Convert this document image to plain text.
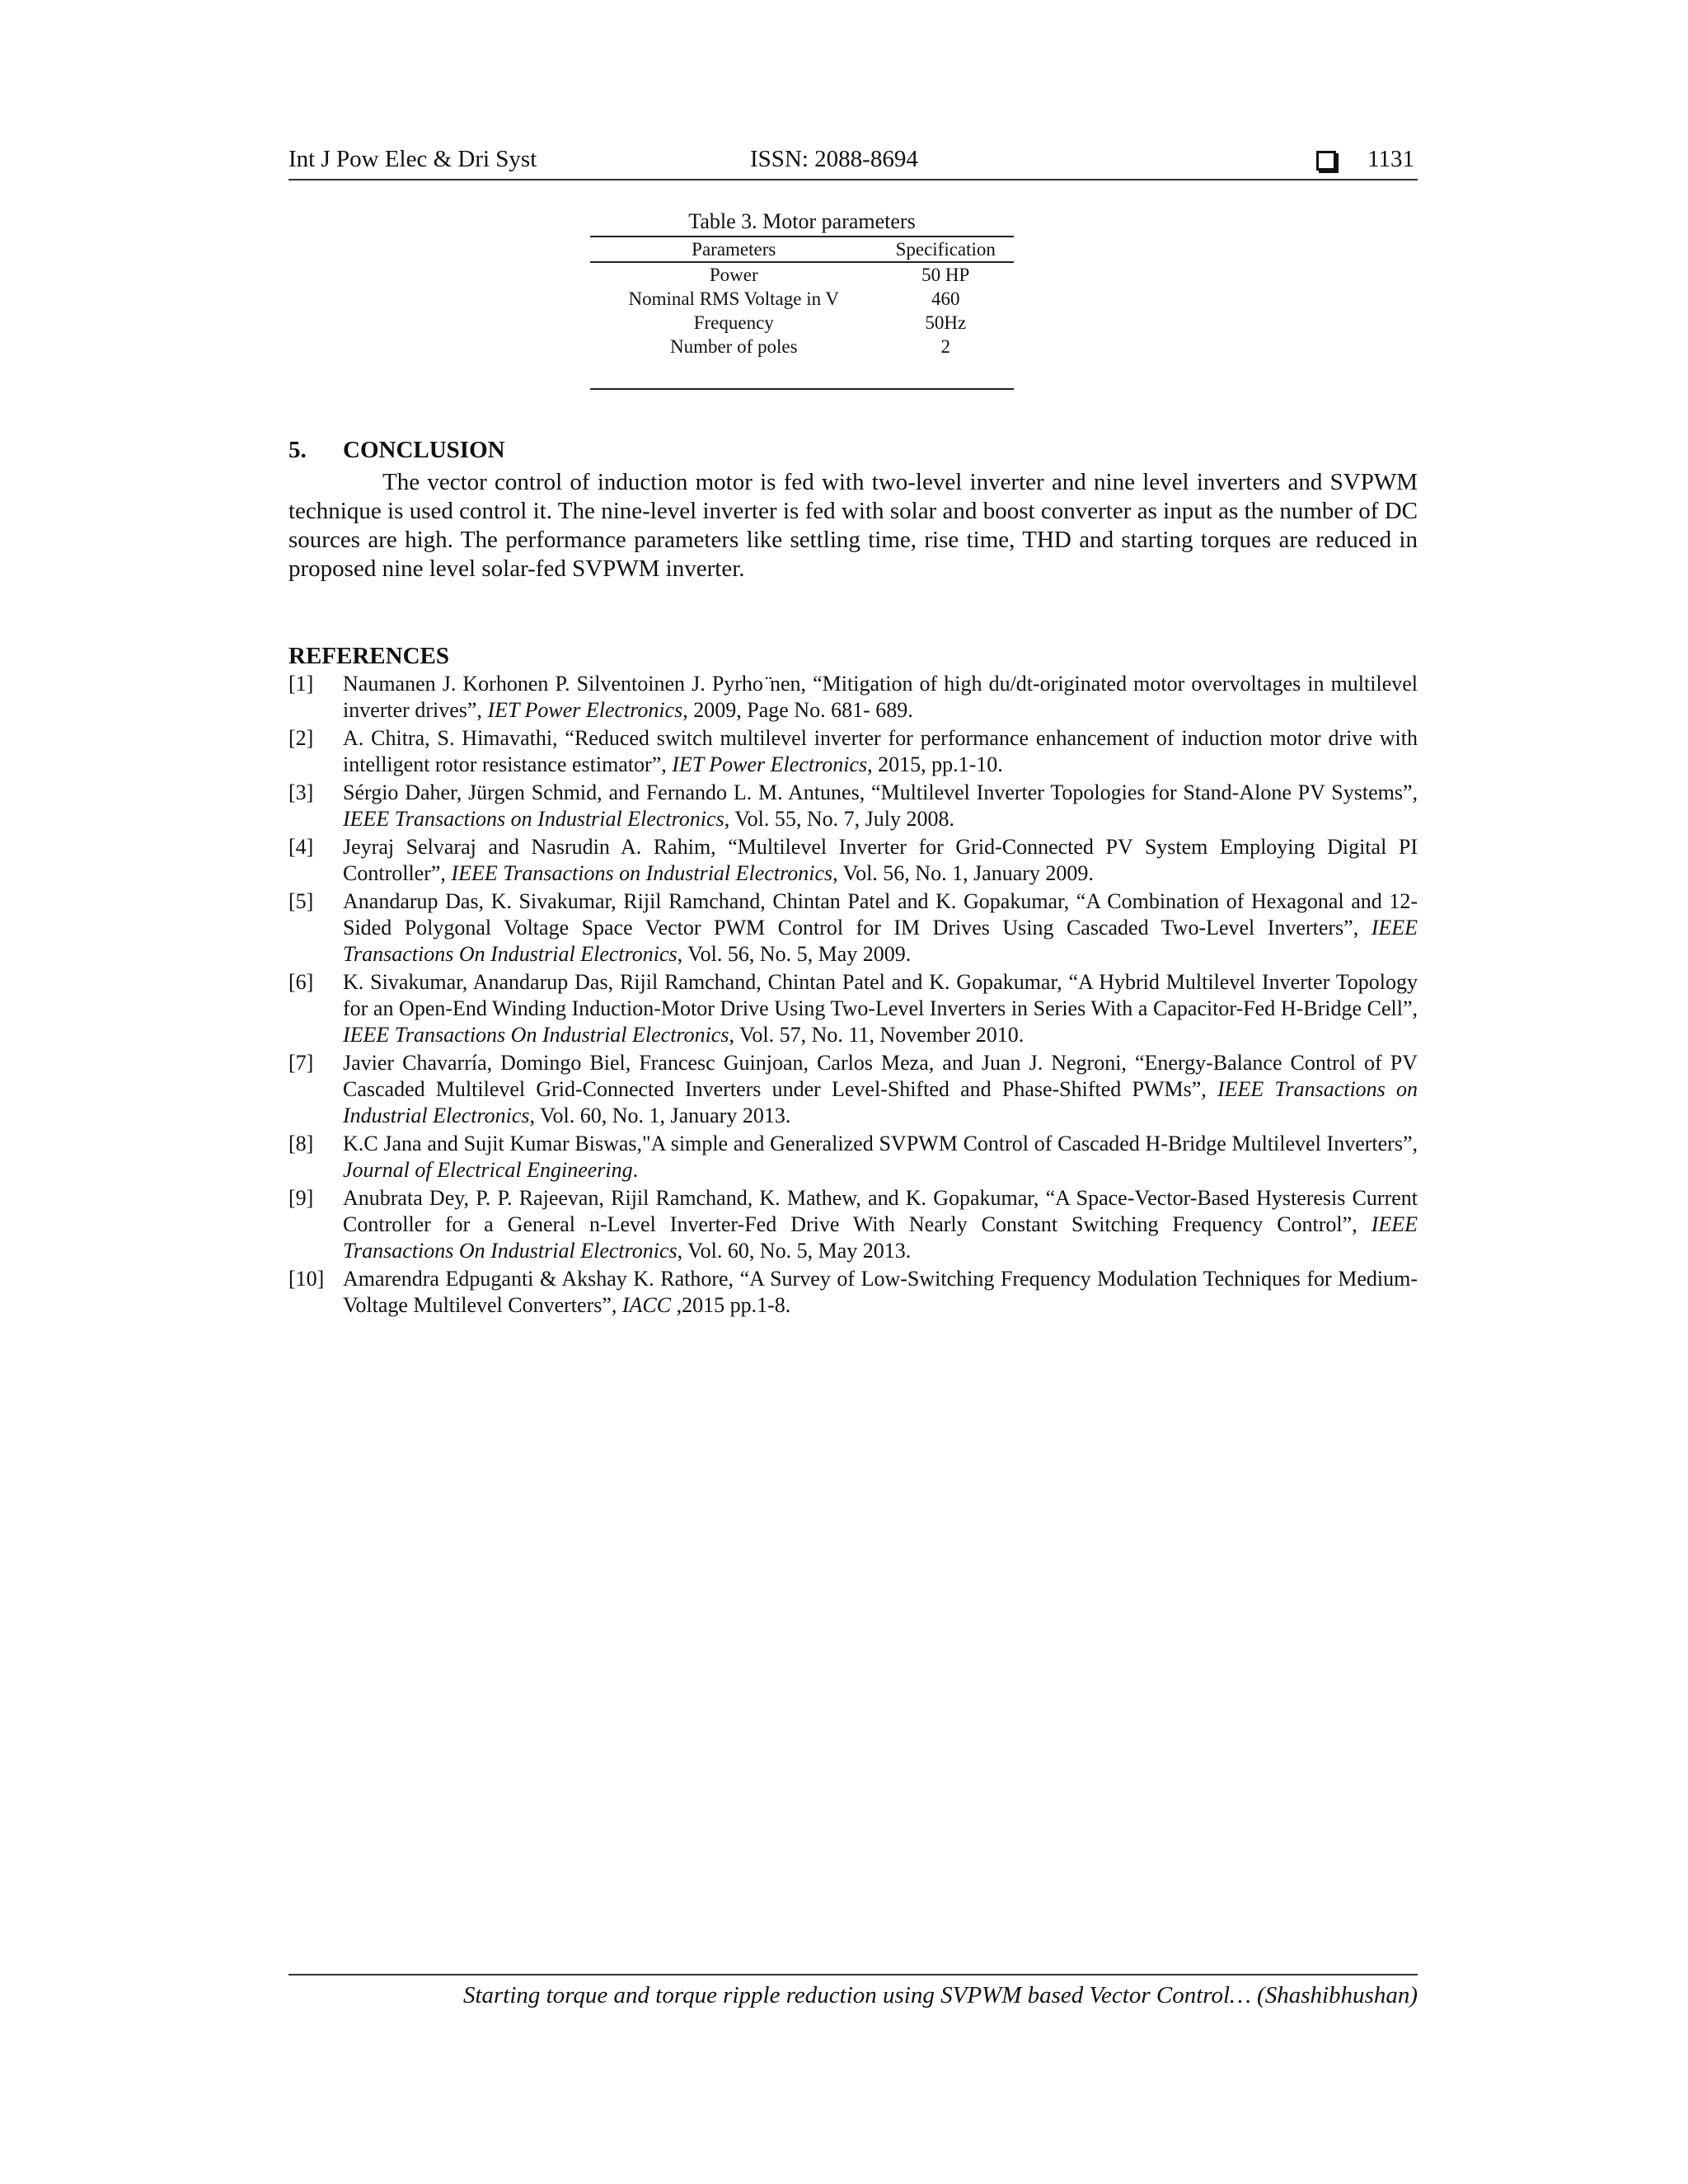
Int J Pow Elec & Dri Syst	ISSN: 2088-8694	1131
Table 3. Motor parameters
Parameters	Specification
Power	50 HP
Nominal RMS Voltage in V	460
Frequency	50Hz
Number of poles	2

5. CONCLUSION

The vector control of induction motor is fed with two-level inverter and nine level inverters and SVPWM technique is used control it. The nine-level inverter is fed with solar and boost converter as input as the number of DC sources are high. The performance parameters like settling time, rise time, THD and starting torques are reduced in proposed nine level solar-fed SVPWM inverter.

REFERENCES
[1]	Naumanen J. Korhonen P. Silventoinen J. Pyrho ̈nen, “Mitigation of high du/dt-originated motor overvoltages in multilevel inverter drives”, IET Power Electronics, 2009, Page No. 681- 689.
[2]	A. Chitra, S. Himavathi, “Reduced switch multilevel inverter for performance enhancement of induction motor drive with intelligent rotor resistance estimator”, IET Power Electronics, 2015, pp.1-10.
[3]	Sérgio Daher, Jürgen Schmid, and Fernando L. M. Antunes, “Multilevel Inverter Topologies for Stand-Alone PV Systems”, IEEE Transactions on Industrial Electronics, Vol. 55, No. 7, July 2008.
[4]	Jeyraj Selvaraj and Nasrudin A. Rahim, “Multilevel Inverter for Grid-Connected PV System Employing Digital PI Controller”, IEEE Transactions on Industrial Electronics, Vol. 56, No. 1, January 2009.
[5]	Anandarup Das, K. Sivakumar, Rijil Ramchand, Chintan Patel and K. Gopakumar, “A Combination of Hexagonal and 12-Sided Polygonal Voltage Space Vector PWM Control for IM Drives Using Cascaded Two-Level Inverters”, IEEE Transactions On Industrial Electronics, Vol. 56, No. 5, May 2009.
[6]	K. Sivakumar, Anandarup Das, Rijil Ramchand, Chintan Patel and K. Gopakumar, “A Hybrid Multilevel Inverter Topology for an Open-End Winding Induction-Motor Drive Using Two-Level Inverters in Series With a Capacitor-Fed H-Bridge Cell”, IEEE Transactions On Industrial Electronics, Vol. 57, No. 11, November 2010.
[7]	Javier Chavarría, Domingo Biel, Francesc Guinjoan, Carlos Meza, and Juan J. Negroni, “Energy-Balance Control of PV Cascaded Multilevel Grid-Connected Inverters under Level-Shifted and Phase-Shifted PWMs”, IEEE Transactions on Industrial Electronics, Vol. 60, No. 1, January 2013.
[8]	K.C Jana and Sujit Kumar Biswas,"A simple and Generalized SVPWM Control of Cascaded H-Bridge Multilevel Inverters”, Journal of Electrical Engineering.
[9]	Anubrata Dey, P. P. Rajeevan, Rijil Ramchand, K. Mathew, and K. Gopakumar, “A Space-Vector-Based Hysteresis Current Controller for a General n-Level Inverter-Fed Drive With Nearly Constant Switching Frequency Control”, IEEE Transactions On Industrial Electronics, Vol. 60, No. 5, May 2013.
[10] Amarendra Edpuganti & Akshay K. Rathore, “A Survey of Low-Switching Frequency Modulation Techniques for Medium-Voltage Multilevel Converters”, IACC ,2015 pp.1-8.
Starting torque and torque ripple reduction using SVPWM based Vector Control… (Shashibhushan)
